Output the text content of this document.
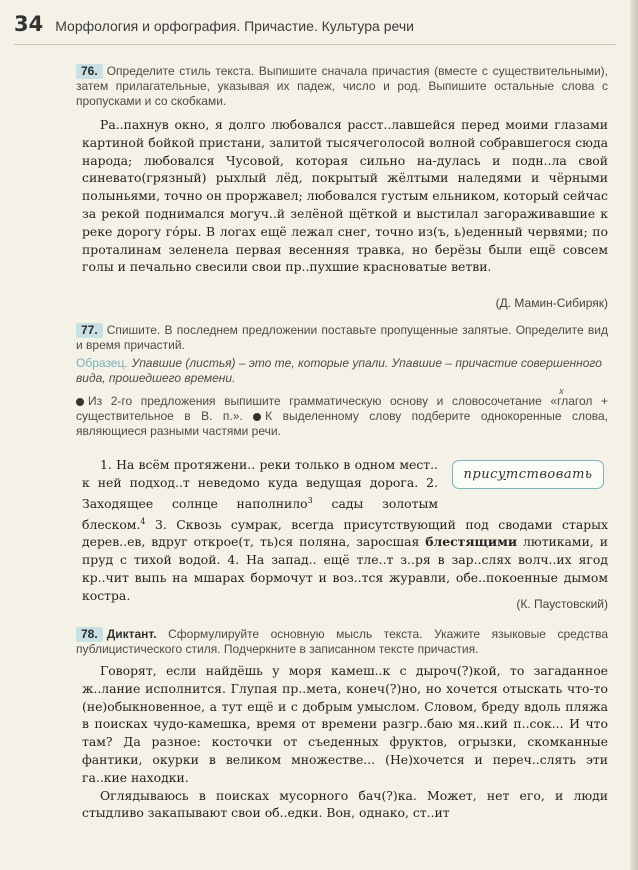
34 Морфология и орфография. Причастие. Культура речи
76. Определите стиль текста. Выпишите сначала причастия (вместе с существительными), затем прилагательные, указывая их падеж, число и род. Выпишите остальные слова с пропусками и со скобками.

Ра..пахнув окно, я долго любовался расст..лавшейся перед моими глазами картиной бойкой пристани, залитой тысячеголосой волной собравшегося сюда народа; любовался Чусовой, которая сильно на-дулась и подн..ла свой синевато(грязный) рыхлый лёд, покрытый жёлтыми наледями и чёрными полыньями, точно он проржавел; любовался густым ельником, который сейчас за рекой поднимался могуч..й зелёной щёткой и выстилал загораживавшие к реке дорогу гóры. В логах ещё лежал снег, точно из(ъ, ь)еденный червями; по проталинам зеленела первая весенняя травка, но берёзы были ещё совсем голы и печально свесили свои пр..пухшие красноватые ветви.

(Д. Мамин-Сибиряк)
77. Спишите. В последнем предложении поставьте пропущенные запятые. Определите вид и время причастий.
Образец. Упавшие (листья) – это те, которые упали. Упавшие – причастие совершенного вида, прошедшего времени.
Из 2-го предложения выпишите грамматическую основу и словосочетание «
x
глагол + существительное в В. п.». К выделенному слову подберите однокоренные слова, являющиеся разными частями речи.
прис у тствовать

1. На всём протяжени.. реки только в одном мест.. к ней подход..т неведомо куда ведущая дорога. 2. Заходящее солнце наполнило$^3$ сады золотым блеском.$^4$ 3. Сквозь сумрак, всегда присутствующий под сводами старых дерев..ев, вдруг открое(т, ть)ся поляна, заросшая блестящими лютиками, и пруд с тихой водой. 4. На запад.. ещё тле..т з..ря в зар..слях волч..их ягод кр..чит выпь на мшарах бормочут и воз..тся журавли, обе..покоенные дымом костра.

(К. Паустовский)
78. Диктант. Сформулируйте основную мысль текста. Укажите языковые средства публицистического стиля. Подчеркните в записанном тексте причастия.

Говорят, если найдёшь у моря камеш..к с дыроч(?)кой, то загаданное ж..лание исполнится. Глупая пр..мета, конеч(?)но, но хочется отыскать что-то (не)обыкновенное, а тут ещё и с добрым умыслом. Словом, бреду вдоль пляжа в поисках чудо-камешка, время от времени разгр..баю мя..кий п..сок... И что там? Да разное: косточки от съеденных фруктов, огрызки, скомканные фантики, окурки в великом множестве... (Не)хочется и переч..слять эти га..кие находки.

Оглядываюсь в поисках мусорного бач(?)ка. Может, нет его, и люди стыдливо закапывают свои об..едки. Вон, однако, ст..ит
